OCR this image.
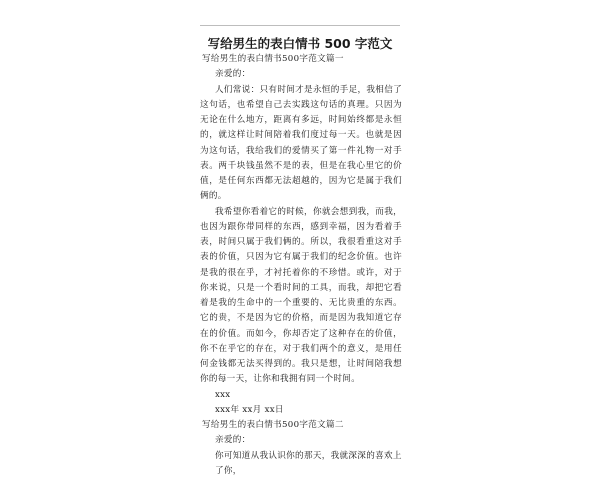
写给男生的表白情书 500 字范文

写给男生的表白情书500字范文篇一

亲爱的：

人们常说：只有时间才是永恒的手足，我相信了这句话，也希望自己去实践这句话的真理。只因为无论在什么地方，距离有多远，时间始终都是永恒的，就这样让时间陪着我们度过每一天。也就是因为这句话，我给我们的爱情买了第一件礼物一对手表。两千块钱虽然不是的表，但是在我心里它的价值，是任何东西都无法超越的，因为它是属于我们俩的。

我希望你看着它的时候，你就会想到我，而我，也因为跟你带同样的东西，感到幸福，因为看着手表，时间只属于我们俩的。所以，我很看重这对手表的价值，只因为它有属于我们的纪念价值。也许是我的很在乎，才衬托着你的不珍惜。或许，对于你来说，只是一个看时间的工具，而我，却把它看着是我的生命中的一个重要的、无比贵重的东西。它的贵，不是因为它的价格，而是因为我知道它存在的价值。而如今，你却否定了这种存在的价值，你不在乎它的存在，对于我们两个的意义，是用任何金钱都无法买得到的。我只是想，让时间陪我想你的每一天，让你和我拥有同一个时间。

xxx

xxx年 xx月 xx日

写给男生的表白情书500字范文篇二

亲爱的：

你可知道从我认识你的那天，我就深深的喜欢上了你，
